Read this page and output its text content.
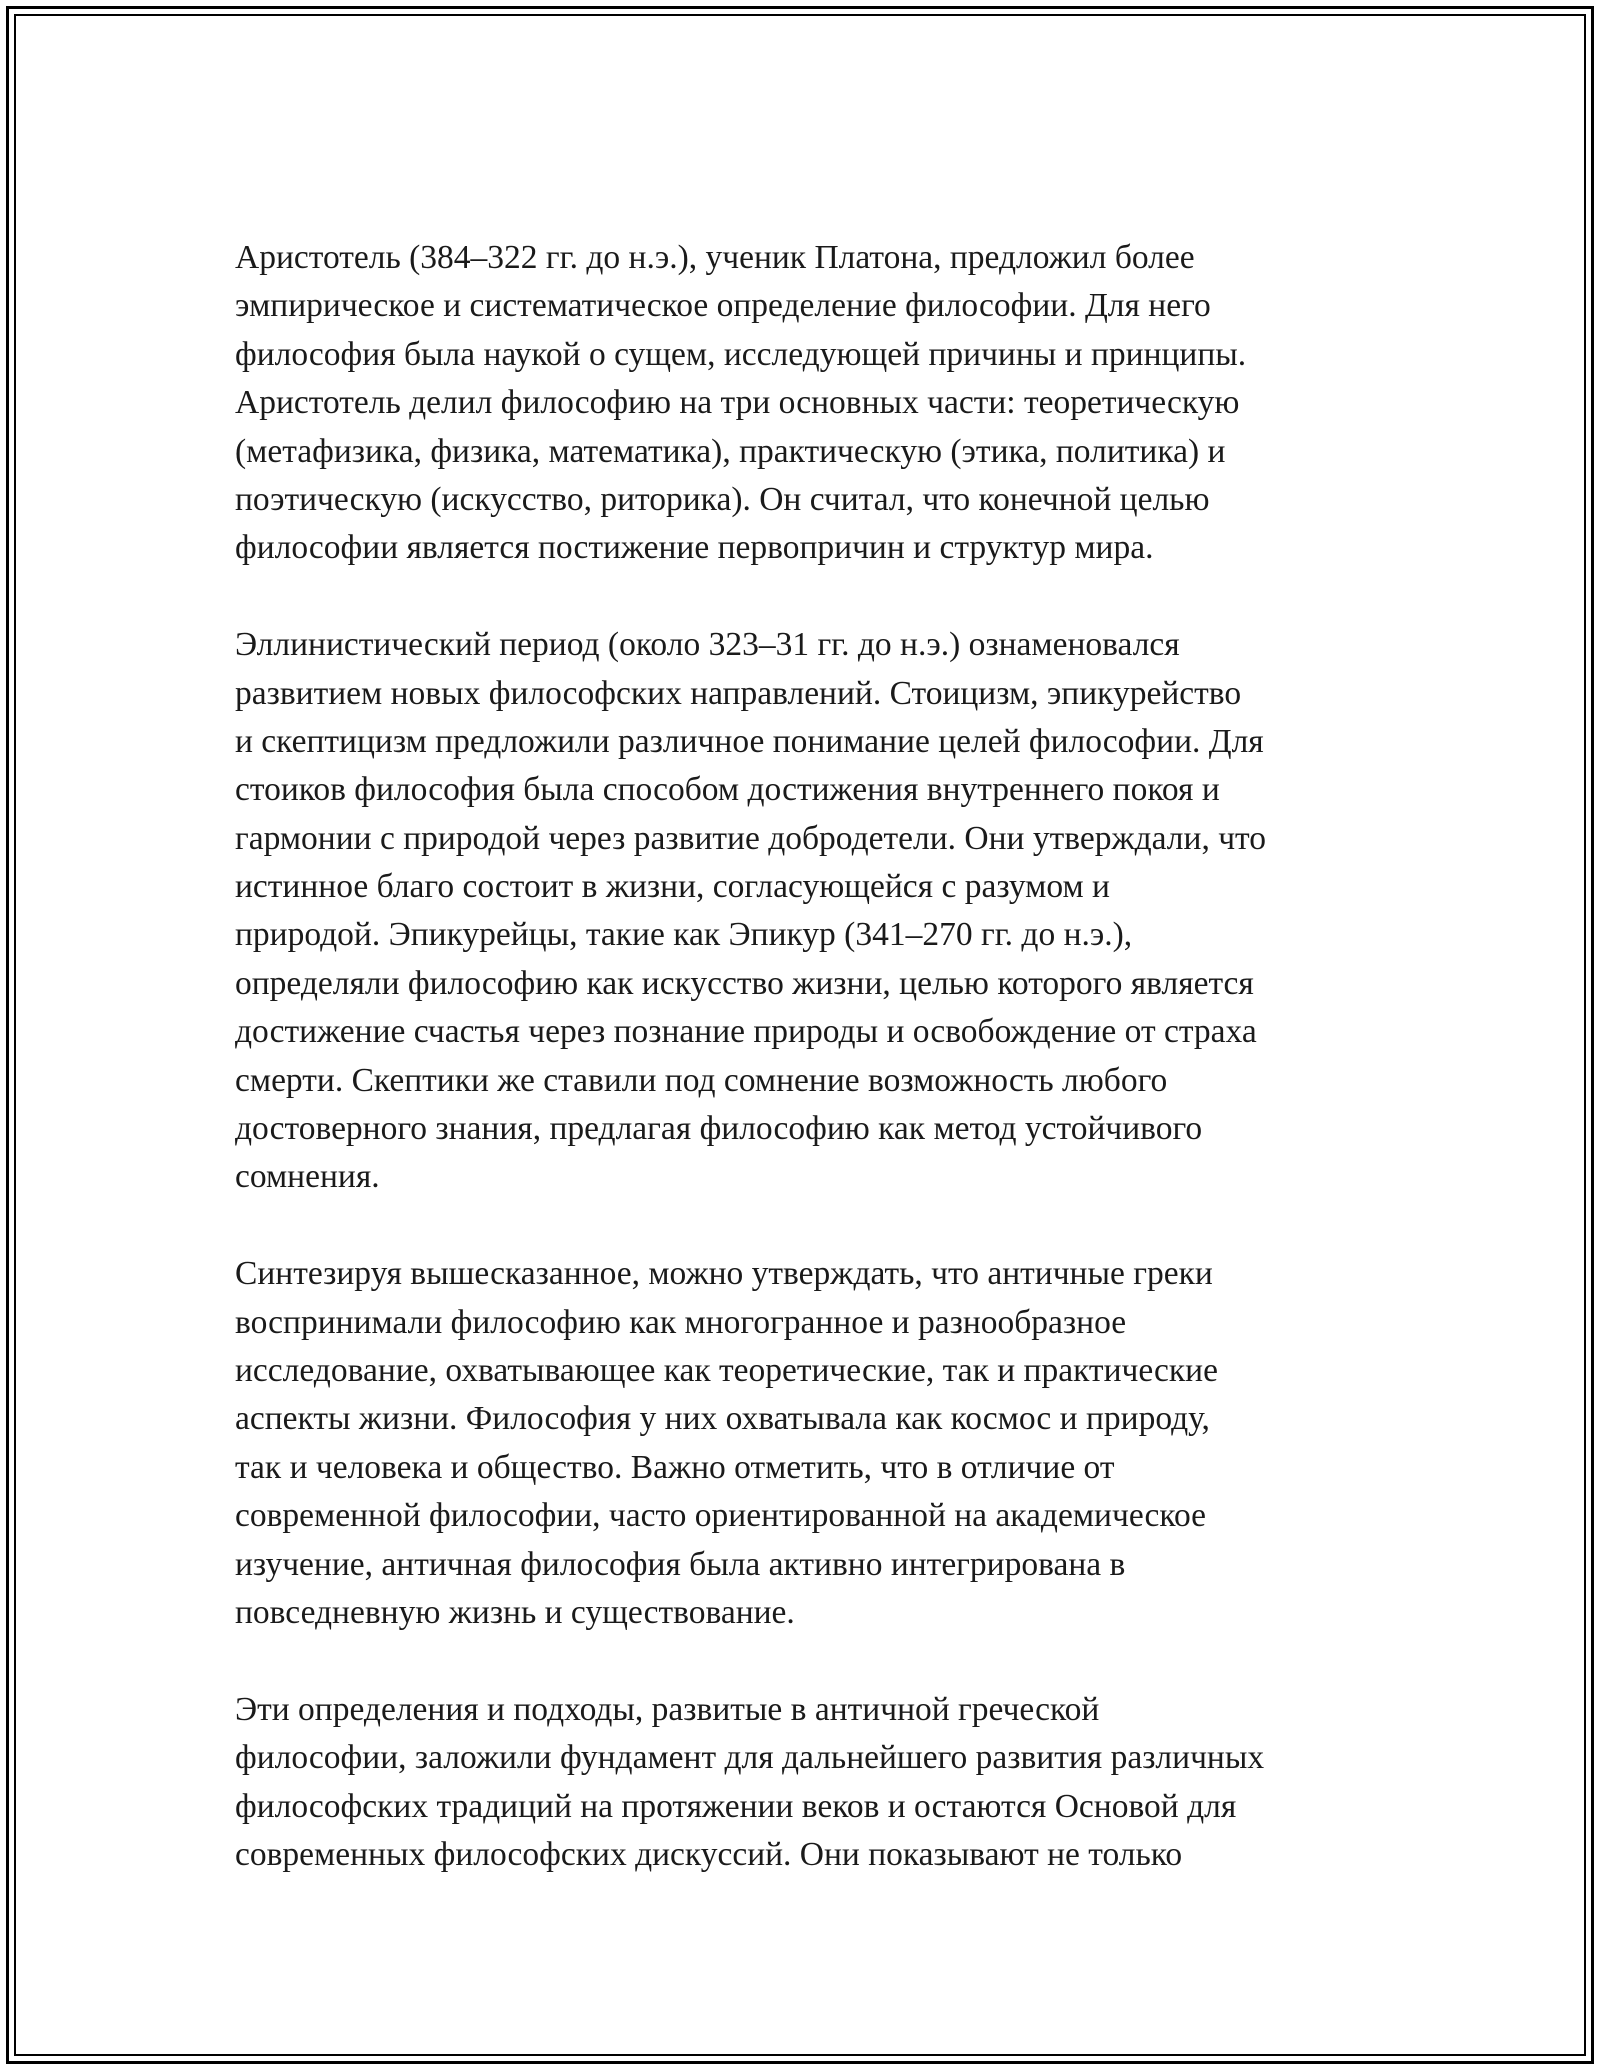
Аристотель (384–322 гг. до н.э.), ученик Платона, предложил более
эмпирическое и систематическое определение философии. Для него
философия была наукой о сущем, исследующей причины и принципы.
Аристотель делил философию на три основных части: теоретическую
(метафизика, физика, математика), практическую (этика, политика) и
поэтическую (искусство, риторика). Он считал, что конечной целью
философии является постижение первопричин и структур мира.

Эллинистический период (около 323–31 гг. до н.э.) ознаменовался
развитием новых философских направлений. Стоицизм, эпикурейство
и скептицизм предложили различное понимание целей философии. Для
стоиков философия была способом достижения внутреннего покоя и
гармонии с природой через развитие добродетели. Они утверждали, что
истинное благо состоит в жизни, согласующейся с разумом и
природой. Эпикурейцы, такие как Эпикур (341–270 гг. до н.э.),
определяли философию как искусство жизни, целью которого является
достижение счастья через познание природы и освобождение от страха
смерти. Скептики же ставили под сомнение возможность любого
достоверного знания, предлагая философию как метод устойчивого
сомнения.

Синтезируя вышесказанное, можно утверждать, что античные греки
воспринимали философию как многогранное и разнообразное
исследование, охватывающее как теоретические, так и практические
аспекты жизни. Философия у них охватывала как космос и природу,
так и человека и общество. Важно отметить, что в отличие от
современной философии, часто ориентированной на академическое
изучение, античная философия была активно интегрирована в
повседневную жизнь и существование.

Эти определения и подходы, развитые в античной греческой
философии, заложили фундамент для дальнейшего развития различных
философских традиций на протяжении веков и остаются Основой для
современных философских дискуссий. Они показывают не только
